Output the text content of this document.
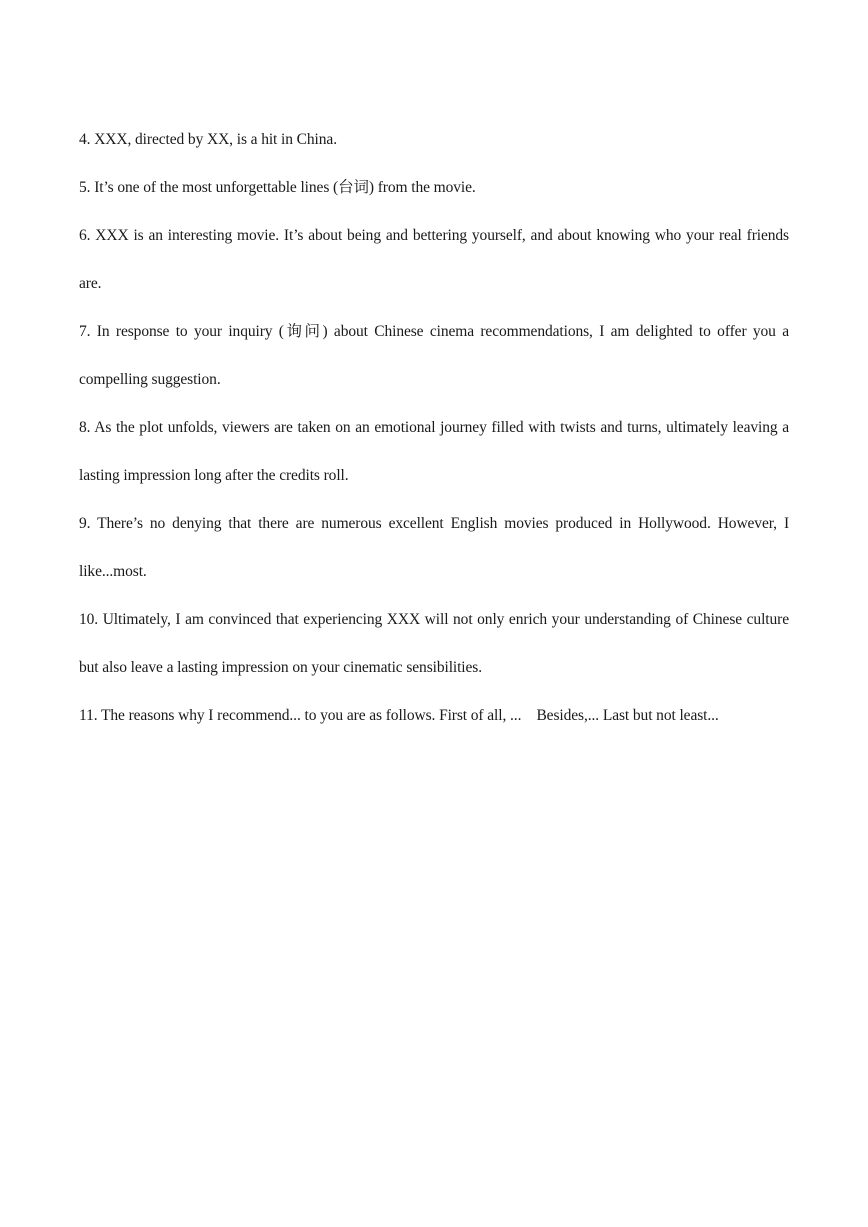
4. XXX, directed by XX, is a hit in China.

5. It’s one of the most unforgettable lines (台词) from the movie.

6. XXX is an interesting movie. It’s about being and bettering yourself, and about knowing who your real friends are.

7. In response to your inquiry (询问) about Chinese cinema recommendations, I am delighted to offer you a compelling suggestion.

8. As the plot unfolds, viewers are taken on an emotional journey filled with twists and turns, ultimately leaving a lasting impression long after the credits roll.

9. There’s no denying that there are numerous excellent English movies produced in Hollywood. However, I like...most.

10. Ultimately, I am convinced that experiencing XXX will not only enrich your understanding of Chinese culture but also leave a lasting impression on your cinematic sensibilities.

11. The reasons why I recommend... to you are as follows. First of all, ...    Besides,... Last but not least...
